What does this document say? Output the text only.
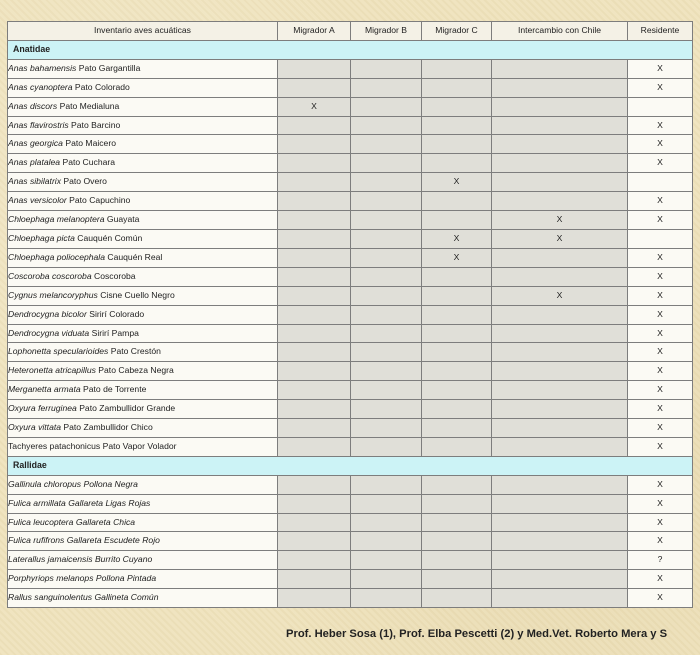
Inventario aves acuáticas	Migrador A	Migrador B	Migrador C	Intercambio con Chile	Residente
Anatidae					
Anas bahamensis Pato Gargantilla					X
Anas cyanoptera Pato Colorado					X
Anas discors Pato Medialuna	X				
Anas flavirostris Pato Barcino					X
Anas georgica Pato Maicero					X
Anas platalea Pato Cuchara					X
Anas sibilatrix Pato Overo			X		
Anas versicolor Pato Capuchino					X
Chloephaga melanoptera Guayata				X	X
Chloephaga picta Cauquén Común			X	X	
Chloephaga poliocephala Cauquén Real			X		X
Coscoroba coscoroba Coscoroba					X
Cygnus melancoryphus Cisne Cuello Negro				X	X
Dendrocygna bicolor Sirirí Colorado					X
Dendrocygna viduata Sirirí Pampa					X
Lophonetta specularioides Pato Crestón					X
Heteronetta atricapillus Pato Cabeza Negra					X
Merganetta armata Pato de Torrente					X
Oxyura ferruginea Pato Zambullidor Grande					X
Oxyura vittata Pato Zambullidor Chico					X
Tachyeres patachonicus Pato Vapor Volador					X
Rallidae					
Gallinula chloropus Pollona Negra					X
Fulica armillata Gallareta Ligas Rojas					X
Fulica leucoptera Gallareta Chica					X
Fulica rufifrons Gallareta Escudete Rojo					X
Laterallus jamaicensis Burrito Cuyano					?
Porphyriops melanops Pollona Pintada					X
Rallus sanguinolentus Gallineta Común					X
Prof. Heber Sosa (1), Prof. Elba Pescetti (2) y Med.Vet. Roberto Mera y S
